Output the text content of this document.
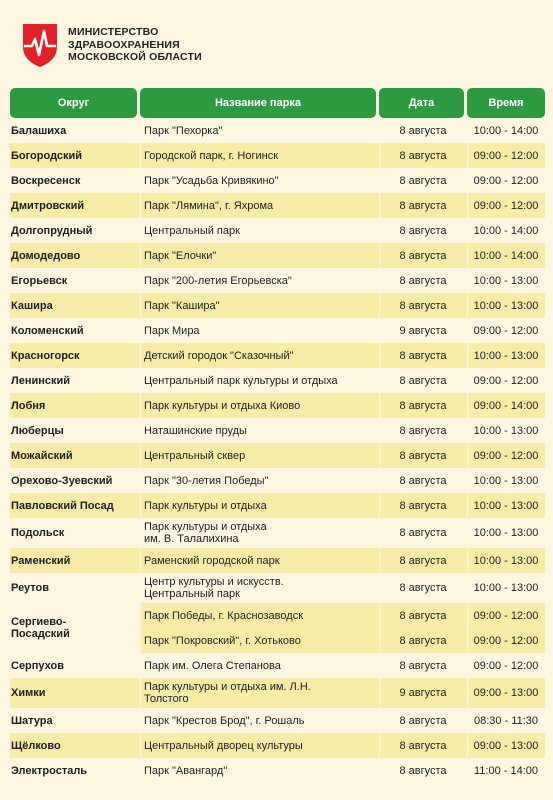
МИНИСТЕРСТВО
ЗДРАВООХРАНЕНИЯ
МОСКОВСКОЙ ОБЛАСТИ
Округ	Название парка	Дата	Время
Балашиха	Парк "Пехорка"	8 августа 10:00 - 14:00
Богородский	Городской парк, г. Ногинск	8 августа 09:00 - 12:00
Воскресенск	Парк "Усадьба Кривякино"	8 августа 09:00 - 12:00
Дмитровский	Парк "Лямина", г. Яхрома	8 августа 09:00 - 12:00
Долгопрудный	Центральный парк	8 августа 10:00 - 14:00
Домодедово	Парк "Елочки"	8 августа 10:00 - 14:00
Егорьевск	Парк "200-летия Егорьевска"	8 августа 10:00 - 13:00
Кашира	Парк "Кашира"	8 августа 10:00 - 13:00
Коломенский	Парк Мира	9 августа 09:00 - 12:00
Красногорск	Детский городок "Сказочный"	8 августа 10:00 - 13:00
Ленинский	Центральный парк культуры и отдыха	8 августа 09:00 - 12:00
Лобня	Парк культуры и отдыха Киово	8 августа 09:00 - 14:00
Люберцы	Наташинские пруды	8 августа 10:00 - 13:00
Можайский	Центральный сквер	8 августа 09:00 - 12:00
Орехово-Зуевский	Парк "30-летия Победы"	8 августа 10:00 - 13:00
Павловский Посад	Парк культуры и отдыха	8 августа 10:00 - 13:00
Подольск	Парк культуры и отдыха
им. В. Талалихина	8 августа 10:00 - 13:00
Раменский	Раменский городской парк	8 августа 10:00 - 13:00
Реутов	Центр культуры и искусств.
Центральный парк	8 августа 10:00 - 13:00
Сергиево-
Посадский
Парк Победы, г. Краснозаводск	8 августа 09:00 - 12:00
Парк "Покровский", г. Хотьково	8 августа 09:00 - 12:00
Серпухов	Парк им. Олега Степанова	8 августа 09:00 - 12:00
Химки	Парк культуры и отдыха им. Л.Н.
Толстого	9 августа 09:00 - 13:00
Шатура	Парк "Крестов Брод", г. Рошаль	8 августа 08:30 - 11:30
Щёлково	Центральный дворец культуры	8 августа 09:00 - 13:00
Электросталь	Парк "Авангард"	8 августа 11:00 - 14:00
